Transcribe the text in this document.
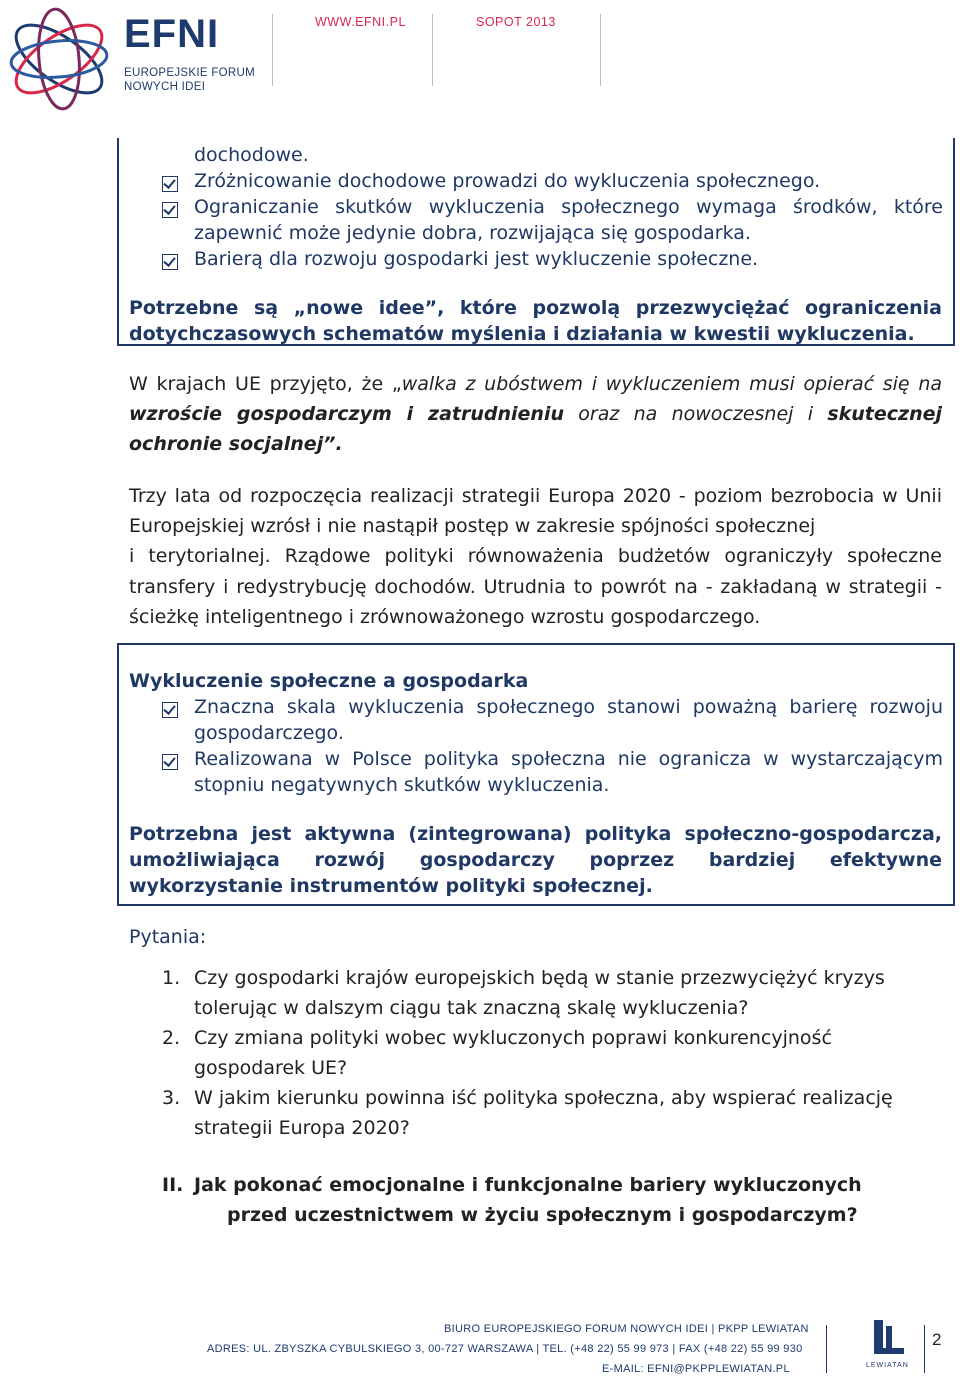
EFNI
EUROPEJSKIE FORUM
NOWYCH IDEI
WWW.EFNI.PL	SOPOT 2013
dochodowe.
Zróżnicowanie dochodowe prowadzi do wykluczenia społecznego.
Ograniczanie skutków wykluczenia społecznego wymaga środków, które
zapewnić może jedynie dobra, rozwijająca się gospodarka.
Barierą dla rozwoju gospodarki jest wykluczenie społeczne.
Potrzebne są „nowe idee”, które pozwolą przezwyciężać ograniczenia
dotychczasowych schematów myślenia i działania w kwestii wykluczenia.
W krajach UE przyjęto, że „walka z ubóstwem i wykluczeniem musi opierać się na
wzroście gospodarczym i zatrudnieniu oraz na nowoczesnej i skutecznej
ochronie socjalnej”.
Trzy lata od rozpoczęcia realizacji strategii Europa 2020 - poziom bezrobocia w Unii
Europejskiej wzrósł i nie nastąpił postęp w zakresie spójności społecznej
i terytorialnej. Rządowe polityki równoważenia budżetów ograniczyły społeczne
transfery i redystrybucję dochodów. Utrudnia to powrót na - zakładaną w strategii -
ścieżkę inteligentnego i zrównoważonego wzrostu gospodarczego.
Wykluczenie społeczne a gospodarka
Znaczna skala wykluczenia społecznego stanowi poważną barierę rozwoju
gospodarczego.
Realizowana w Polsce polityka społeczna nie ogranicza w wystarczającym
stopniu negatywnych skutków wykluczenia.
Potrzebna jest aktywna (zintegrowana) polityka społeczno-gospodarcza,
umożliwiająca rozwój gospodarczy poprzez bardziej efektywne
wykorzystanie instrumentów polityki społecznej.
Pytania:
1. Czy gospodarki krajów europejskich będą w stanie przezwyciężyć kryzys
tolerując w dalszym ciągu tak znaczną skalę wykluczenia?
2. Czy zmiana polityki wobec wykluczonych poprawi konkurencyjność
gospodarek UE?
3. W jakim kierunku powinna iść polityka społeczna, aby wspierać realizację
strategii Europa 2020?
II. Jak pokonać emocjonalne i funkcjonalne bariery wykluczonych
przed uczestnictwem w życiu społecznym i gospodarczym?
BIURO EUROPEJSKIEGO FORUM NOWYCH IDEI | PKPP LEWIATAN
ADRES: UL. ZBYSZKA CYBULSKIEGO 3, 00-727 WARSZAWA | TEL. (+48 22) 55 99 973 | FAX (+48 22) 55 99 930
E-MAIL: EFNI@PKPPLEWIATAN.PL	LEWIATAN
2
